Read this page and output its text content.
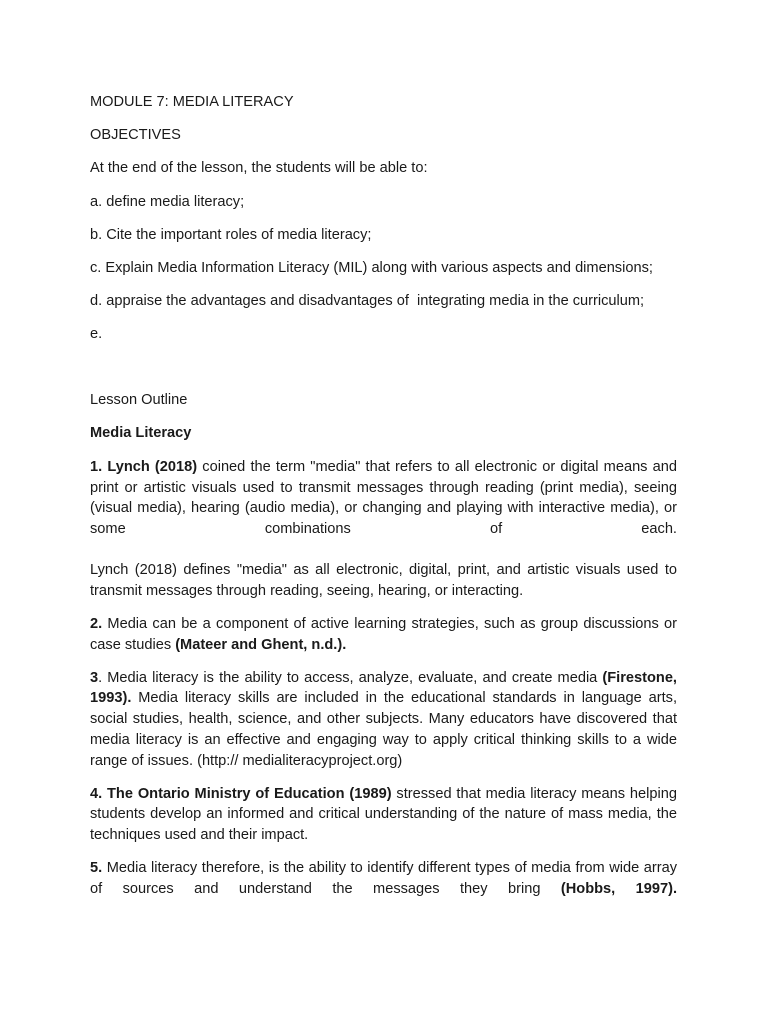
MODULE 7: MEDIA LITERACY
OBJECTIVES
At the end of the lesson, the students will be able to:
a. define media literacy;
b. Cite the important roles of media literacy;
c. Explain Media Information Literacy (MIL) along with various aspects and dimensions;
d. appraise the advantages and disadvantages of  integrating media in the curriculum;
e.
Lesson Outline
Media Literacy
1. Lynch (2018) coined the term "media" that refers to all electronic or digital means and print or artistic visuals used to transmit messages through reading (print media), seeing (visual media), hearing (audio media), or changing and playing with interactive media), or some combinations of each.
Lynch (2018) defines "media" as all electronic, digital, print, and artistic visuals used to transmit messages through reading, seeing, hearing, or interacting.
2. Media can be a component of active learning strategies, such as group discussions or case studies (Mateer and Ghent, n.d.).
3. Media literacy is the ability to access, analyze, evaluate, and create media (Firestone, 1993). Media literacy skills are included in the educational standards in language arts, social studies, health, science, and other subjects. Many educators have discovered that media literacy is an effective and engaging way to apply critical thinking skills to a wide range of issues. (http:// medialiteracyproject.org)
4. The Ontario Ministry of Education (1989) stressed that media literacy means helping students develop an informed and critical understanding of the nature of mass media, the techniques used and their impact.
5. Media literacy therefore, is the ability to identify different types of media from wide array of sources and understand the messages they bring (Hobbs, 1997).
